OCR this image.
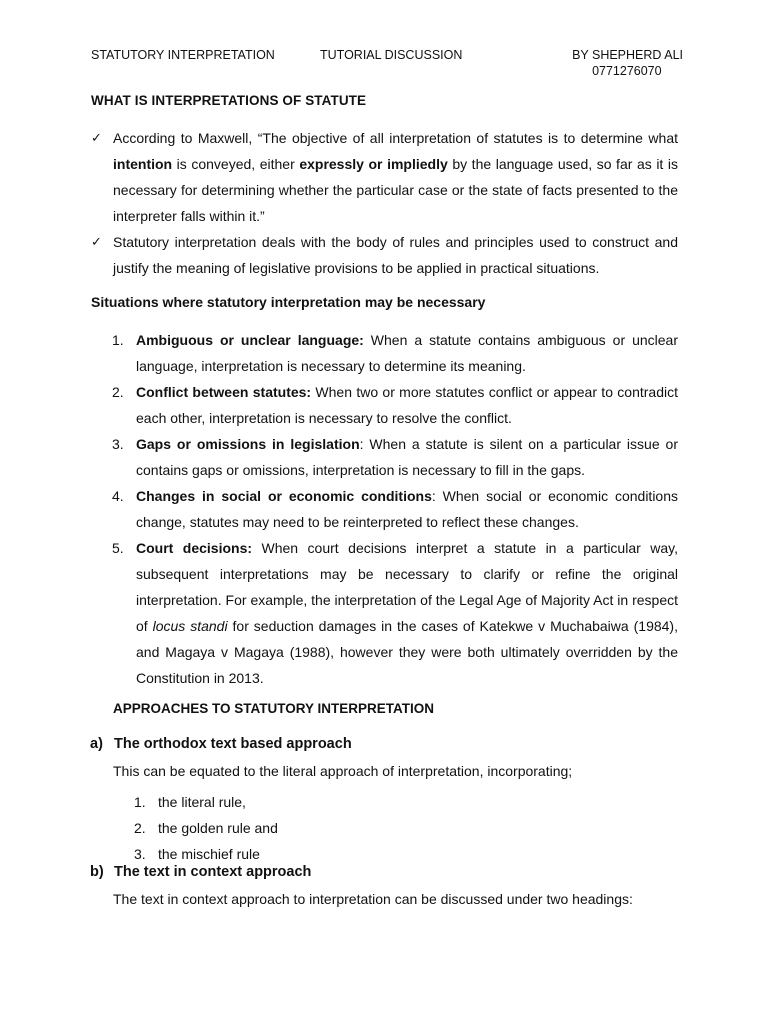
STATUTORY INTERPRETATION	TUTORIAL DISCUSSION	BY SHEPHERD ALI
0771276070
WHAT IS INTERPRETATIONS OF STATUTE
✓ According to Maxwell, “The objective of all interpretation of statutes is to determine what intention is conveyed, either expressly or impliedly by the language used, so far as it is necessary for determining whether the particular case or the state of facts presented to the interpreter falls within it.”
✓ Statutory interpretation deals with the body of rules and principles used to construct and justify the meaning of legislative provisions to be applied in practical situations.
Situations where statutory interpretation may be necessary
1. Ambiguous or unclear language: When a statute contains ambiguous or unclear language, interpretation is necessary to determine its meaning.
2. Conflict between statutes: When two or more statutes conflict or appear to contradict each other, interpretation is necessary to resolve the conflict.
3. Gaps or omissions in legislation: When a statute is silent on a particular issue or contains gaps or omissions, interpretation is necessary to fill in the gaps.
4. Changes in social or economic conditions: When social or economic conditions change, statutes may need to be reinterpreted to reflect these changes.
5. Court decisions: When court decisions interpret a statute in a particular way, subsequent interpretations may be necessary to clarify or refine the original interpretation. For example, the interpretation of the Legal Age of Majority Act in respect of locus standi for seduction damages in the cases of Katekwe v Muchabaiwa (1984), and Magaya v Magaya (1988), however they were both ultimately overridden by the Constitution in 2013.
APPROACHES TO STATUTORY INTERPRETATION
a) The orthodox text based approach
This can be equated to the literal approach of interpretation, incorporating;
1. the literal rule,
2. the golden rule and
3. the mischief rule
b) The text in context approach
The text in context approach to interpretation can be discussed under two headings:
